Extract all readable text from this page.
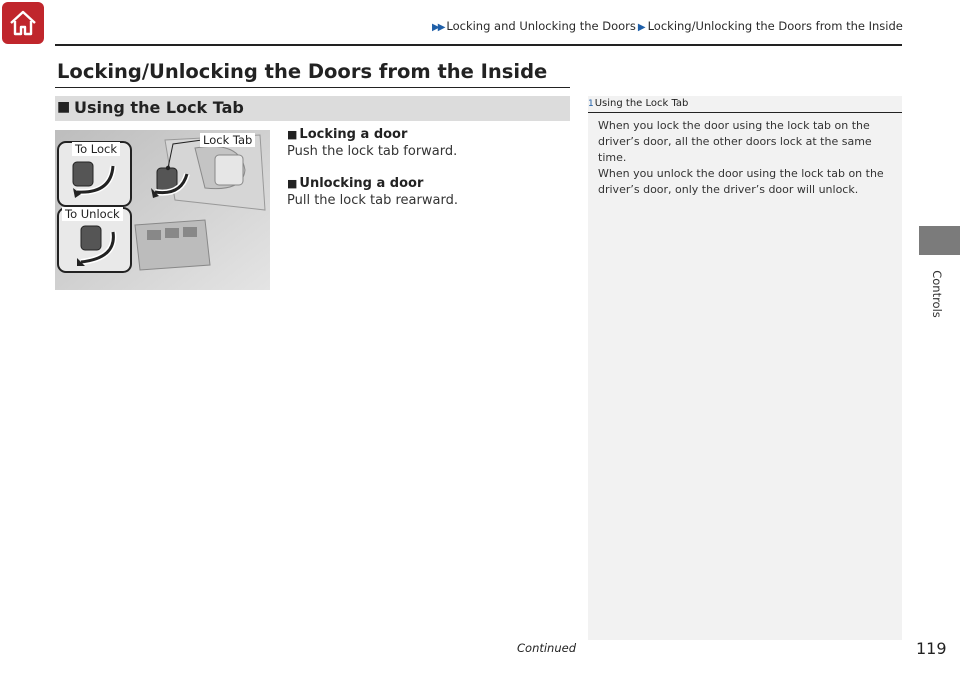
▶▶ Locking and Unlocking the Doors ▶ Locking/Unlocking the Doors from the Inside
Locking/Unlocking the Doors from the Inside
■ Using the Lock Tab
To Lock
To Unlock
Lock Tab	■ Locking a door
Push the lock tab forward.
■ Unlocking a door
Pull the lock tab rearward.
1Using the Lock Tab
When you lock the door using the lock tab on the driver’s door, all the other doors lock at the same time.
When you unlock the door using the lock tab on the driver’s door, only the driver’s door will unlock.
Controls
Continued	119
